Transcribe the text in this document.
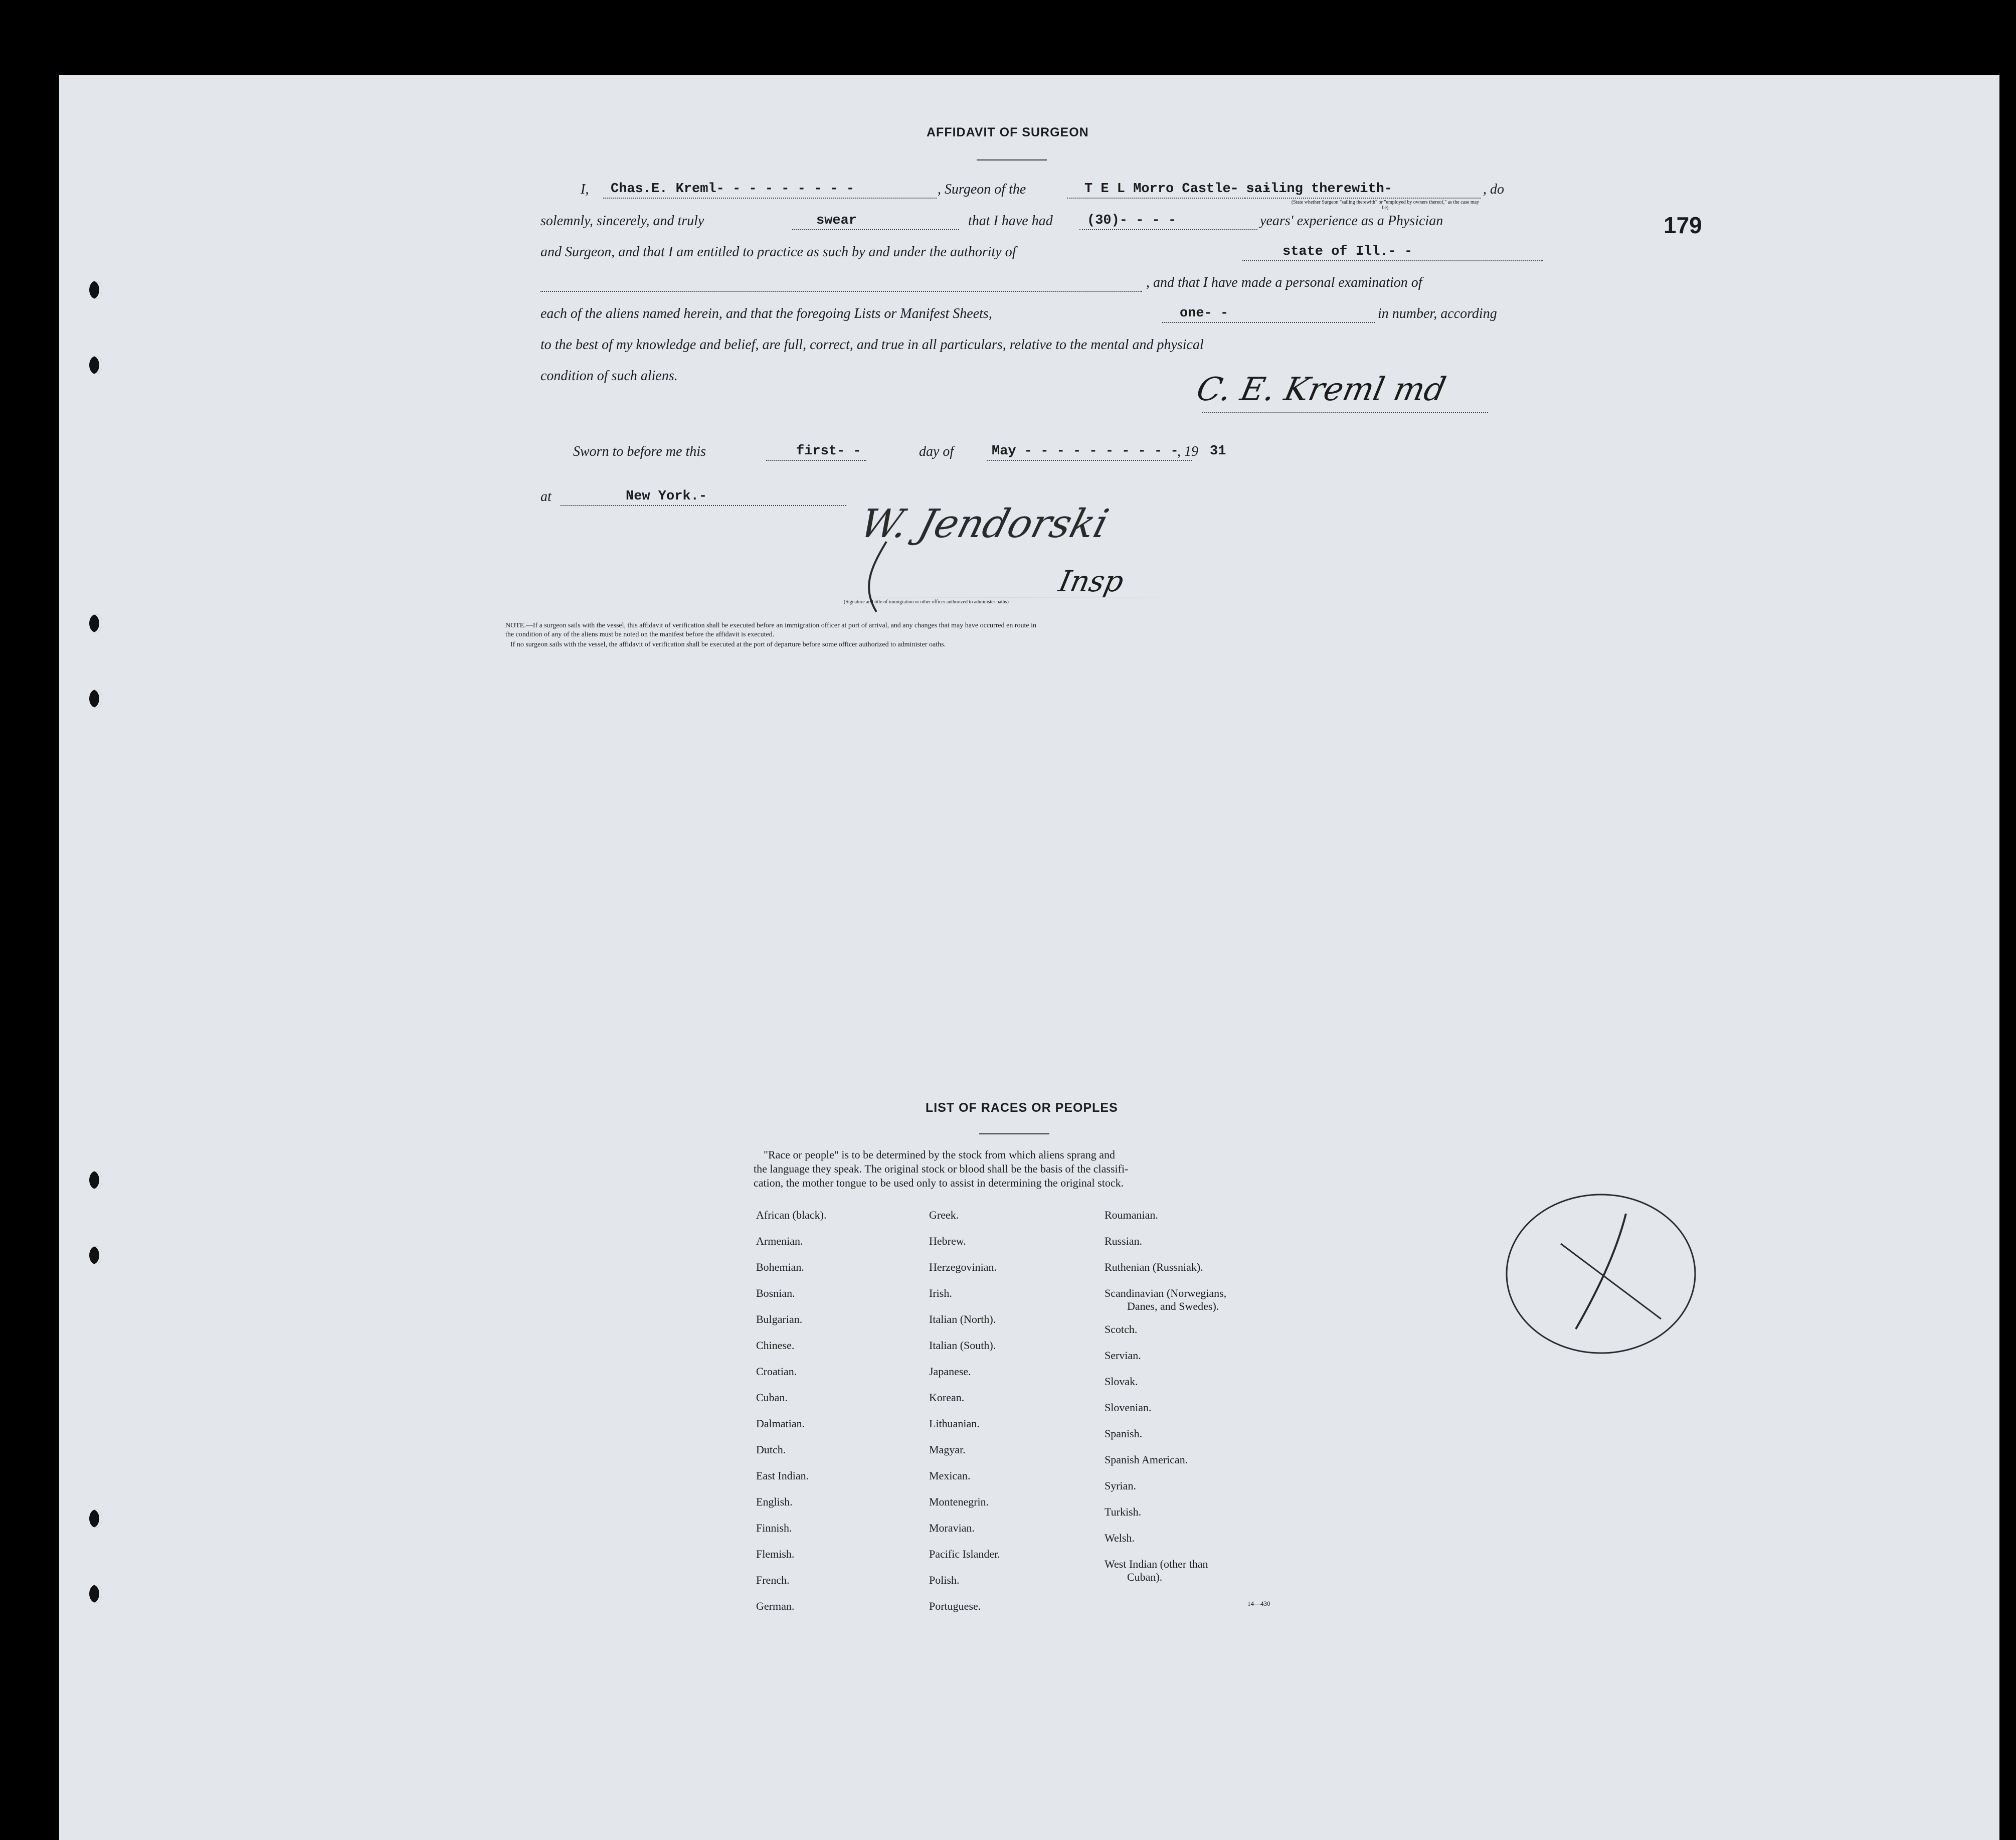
179
AFFIDAVIT OF SURGEON
I, Chas.E. Kreml- - - - - - - - -	, Surgeon of the	T E L Morro Castle- - -
- sailing therewith-	, do
(State whether Surgeon "sailing therewith" or "employed by owners thereof," as the case may be)
solemnly, sincerely, and truly	swear	that I have had	(30)- - - -	years' experience as a Physician
and Surgeon, and that I am entitled to practice as such by and under the authority of	state of Ill.- -
, and that I have made a personal examination of
each of the aliens named herein, and that the foregoing Lists or Manifest Sheets,	one- -	in number, according
to the best of my knowledge and belief, are full, correct, and true in all particulars, relative to the mental and physical
condition of such aliens.	C. E. Kreml md
Sworn to before me this	first- -	day of	May - - - - - - - - - -
, 19 31
at	New York.-
W. Jendorski
Insp
(Signature and title of immigration or other officer authorized to administer oaths)
NOTE.—If a surgeon sails with the vessel, this affidavit of verification shall be executed before an immigration officer at port of arrival, and any changes that may have occurred en route in
the condition of any of the aliens must be noted on the manifest before the affidavit is executed.
If no surgeon sails with the vessel, the affidavit of verification shall be executed at the port of departure before some officer authorized to administer oaths.
LIST OF RACES OR PEOPLES
"Race or people" is to be determined by the stock from which aliens sprang and
the language they speak. The original stock or blood shall be the basis of the classifi-
cation, the mother tongue to be used only to assist in determining the original stock.
African (black).
Armenian.
Bohemian.
Bosnian.
Bulgarian.
Chinese.
Croatian.
Cuban.
Dalmatian.
Dutch.
East Indian.
English.
Finnish.
Flemish.
French.
German.
Greek.
Hebrew.
Herzegovinian.
Irish.
Italian (North).
Italian (South).
Japanese.
Korean.
Lithuanian.
Magyar.
Mexican.
Montenegrin.
Moravian.
Pacific Islander.
Polish.
Portuguese.
Roumanian.
Russian.
Ruthenian (Russniak).
Scandinavian (Norwegians,
Danes, and Swedes).
Scotch.
Servian.
Slovak.
Slovenian.
Spanish.
Spanish American.
Syrian.
Turkish.
Welsh.
West Indian (other than
Cuban).
14—430
